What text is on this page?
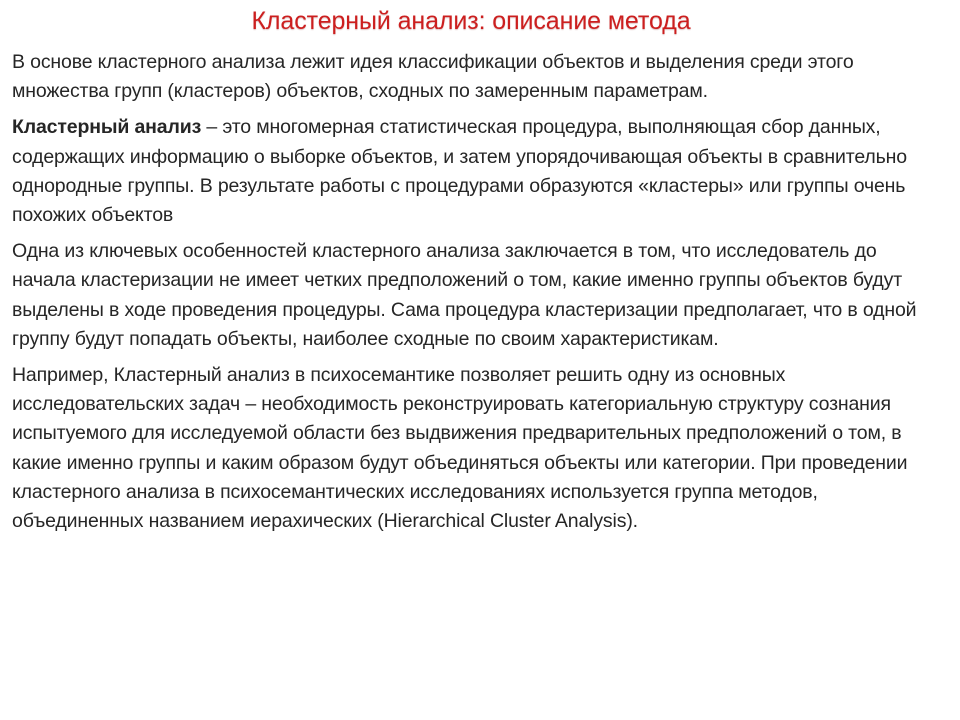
Кластерный анализ: описание метода

В основе кластерного анализа лежит идея классификации объектов и выделения среди этого множества групп (кластеров) объектов, сходных по замеренным параметрам.

Кластерный анализ – это многомерная статистическая процедура, выполняющая сбор данных, содержащих информацию о выборке объектов, и затем упорядочивающая объекты в сравнительно однородные группы. В результате работы с процедурами образуются «кластеры» или группы очень похожих объектов

Одна из ключевых особенностей кластерного анализа заключается в том, что исследователь до начала кластеризации не имеет четких предположений о том, какие именно группы объектов будут выделены в ходе проведения процедуры. Сама процедура кластеризации предполагает, что в одной группу будут попадать объекты, наиболее сходные по своим характеристикам.

Например, Кластерный анализ в психосемантике позволяет решить одну из основных исследовательских задач – необходимость реконструировать категориальную структуру сознания испытуемого для исследуемой области без выдвижения предварительных предположений о том, в какие именно группы и каким образом будут объединяться объекты или категории. При проведении кластерного анализа в психосемантических исследованиях используется группа методов, объединенных названием иерахических (Hierarchical Cluster Analysis).
